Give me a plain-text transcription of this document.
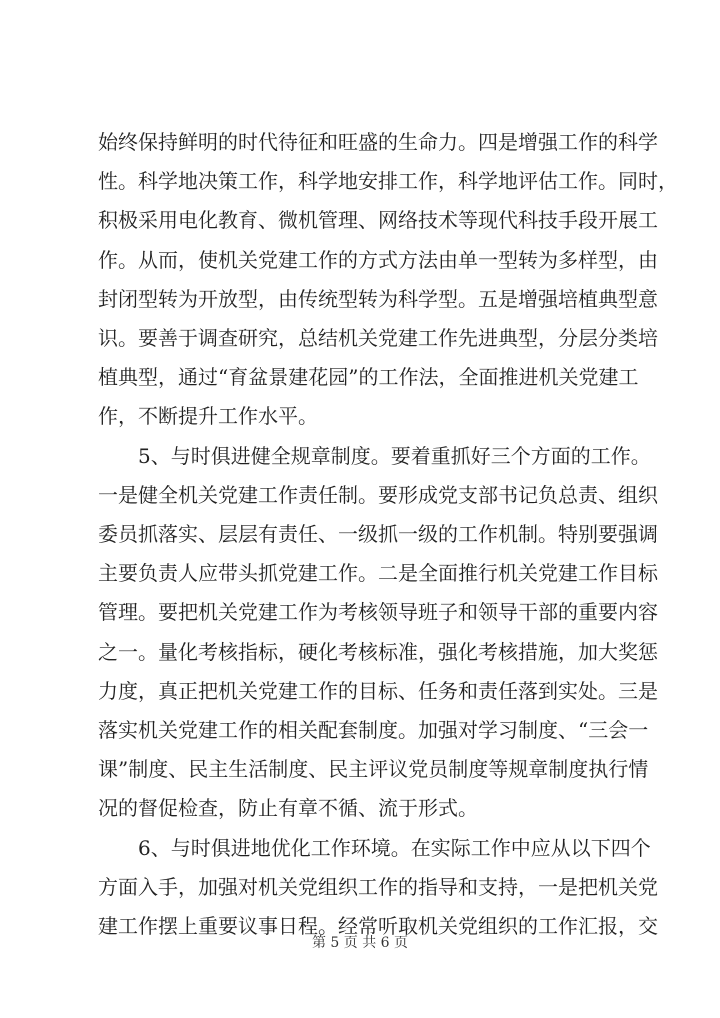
始终保持鲜明的时代待征和旺盛的生命力。四是增强工作的科学
性。科学地决策工作，科学地安排工作，科学地评估工作。同时，
积极采用电化教育、微机管理、网络技术等现代科技手段开展工
作。从而，使机关党建工作的方式方法由单一型转为多样型，由
封闭型转为开放型，由传统型转为科学型。五是增强培植典型意
识。要善于调查研究，总结机关党建工作先进典型，分层分类培
植典型，通过“育盆景建花园”的工作法，全面推进机关党建工
作，不断提升工作水平。
　　5、与时俱进健全规章制度。要着重抓好三个方面的工作。
一是健全机关党建工作责任制。要形成党支部书记负总责、组织
委员抓落实、层层有责任、一级抓一级的工作机制。特别要强调
主要负责人应带头抓党建工作。二是全面推行机关党建工作目标
管理。要把机关党建工作为考核领导班子和领导干部的重要内容
之一。量化考核指标，硬化考核标准，强化考核措施，加大奖惩
力度，真正把机关党建工作的目标、任务和责任落到实处。三是
落实机关党建工作的相关配套制度。加强对学习制度、“三会一
课”制度、民主生活制度、民主评议党员制度等规章制度执行情
况的督促检查，防止有章不循、流于形式。
　　6、与时俱进地优化工作环境。在实际工作中应从以下四个
方面入手，加强对机关党组织工作的指导和支持，一是把机关党
建工作摆上重要议事日程。经常听取机关党组织的工作汇报，交
第 5 页 共 6 页
